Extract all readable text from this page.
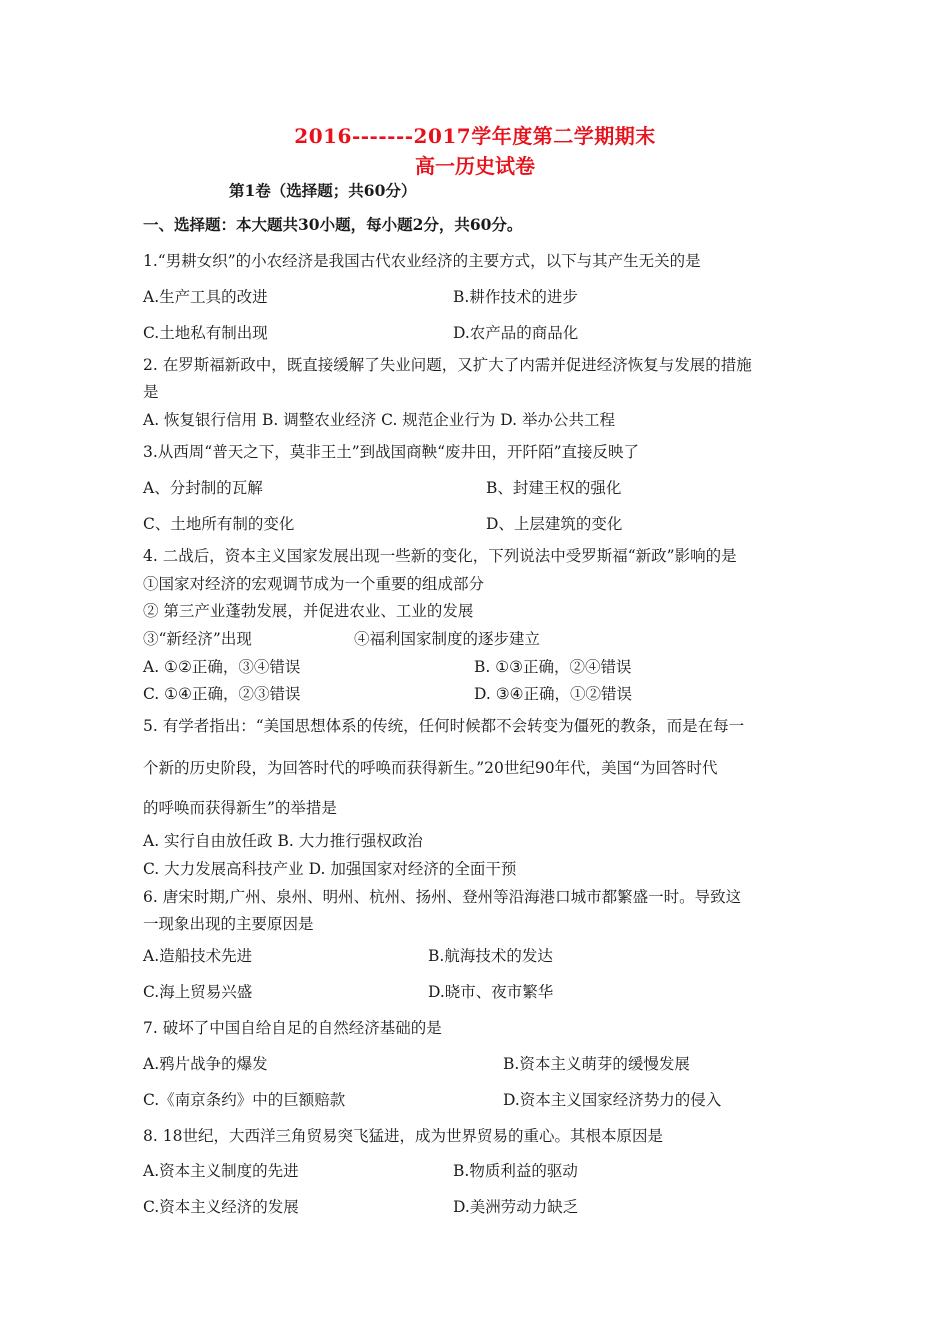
2016-------2017学年度第二学期期末
高一历史试卷
第1卷（选择题；共60分）
一、选择题：本大题共30小题，每小题2分，共60分。
1.“男耕女织”的小农经济是我国古代农业经济的主要方式，以下与其产生无关的是
A.生产工具的改进	B.耕作技术的进步
C.土地私有制出现	D.农产品的商品化
2. 在罗斯福新政中，既直接缓解了失业问题，又扩大了内需并促进经济恢复与发展的措施
是
A. 恢复银行信用 B. 调整农业经济 C. 规范企业行为 D. 举办公共工程
3.从西周“普天之下，莫非王土”到战国商鞅“废井田，开阡陌”直接反映了
A、分封制的瓦解	B、封建王权的强化
C、土地所有制的变化	D、上层建筑的变化
4. 二战后，资本主义国家发展出现一些新的变化，下列说法中受罗斯福“新政”影响的是
①国家对经济的宏观调节成为一个重要的组成部分
② 第三产业蓬勃发展，并促进农业、工业的发展
③“新经济”出现	④福利国家制度的逐步建立
A. ①②正确，③④错误	B. ①③正确，②④错误
C. ①④正确，②③错误	D. ③④正确，①②错误
5. 有学者指出：“美国思想体系的传统，任何时候都不会转变为僵死的教条，而是在每一
个新的历史阶段，为回答时代的呼唤而获得新生。”20世纪90年代，美国“为回答时代
的呼唤而获得新生”的举措是
A. 实行自由放任政 B. 大力推行强权政治
C. 大力发展高科技产业 D. 加强国家对经济的全面干预
6. 唐宋时期,广州、泉州、明州、杭州、扬州、登州等沿海港口城市都繁盛一时。导致这
一现象出现的主要原因是
A.造船技术先进	B.航海技术的发达
C.海上贸易兴盛	D.晓市、夜市繁华
7. 破坏了中国自给自足的自然经济基础的是
A.鸦片战争的爆发	B.资本主义萌芽的缓慢发展
C.《南京条约》中的巨额赔款	D.资本主义国家经济势力的侵入
8. 18世纪，大西洋三角贸易突飞猛进，成为世界贸易的重心。其根本原因是
A.资本主义制度的先进	B.物质利益的驱动
C.资本主义经济的发展	D.美洲劳动力缺乏
